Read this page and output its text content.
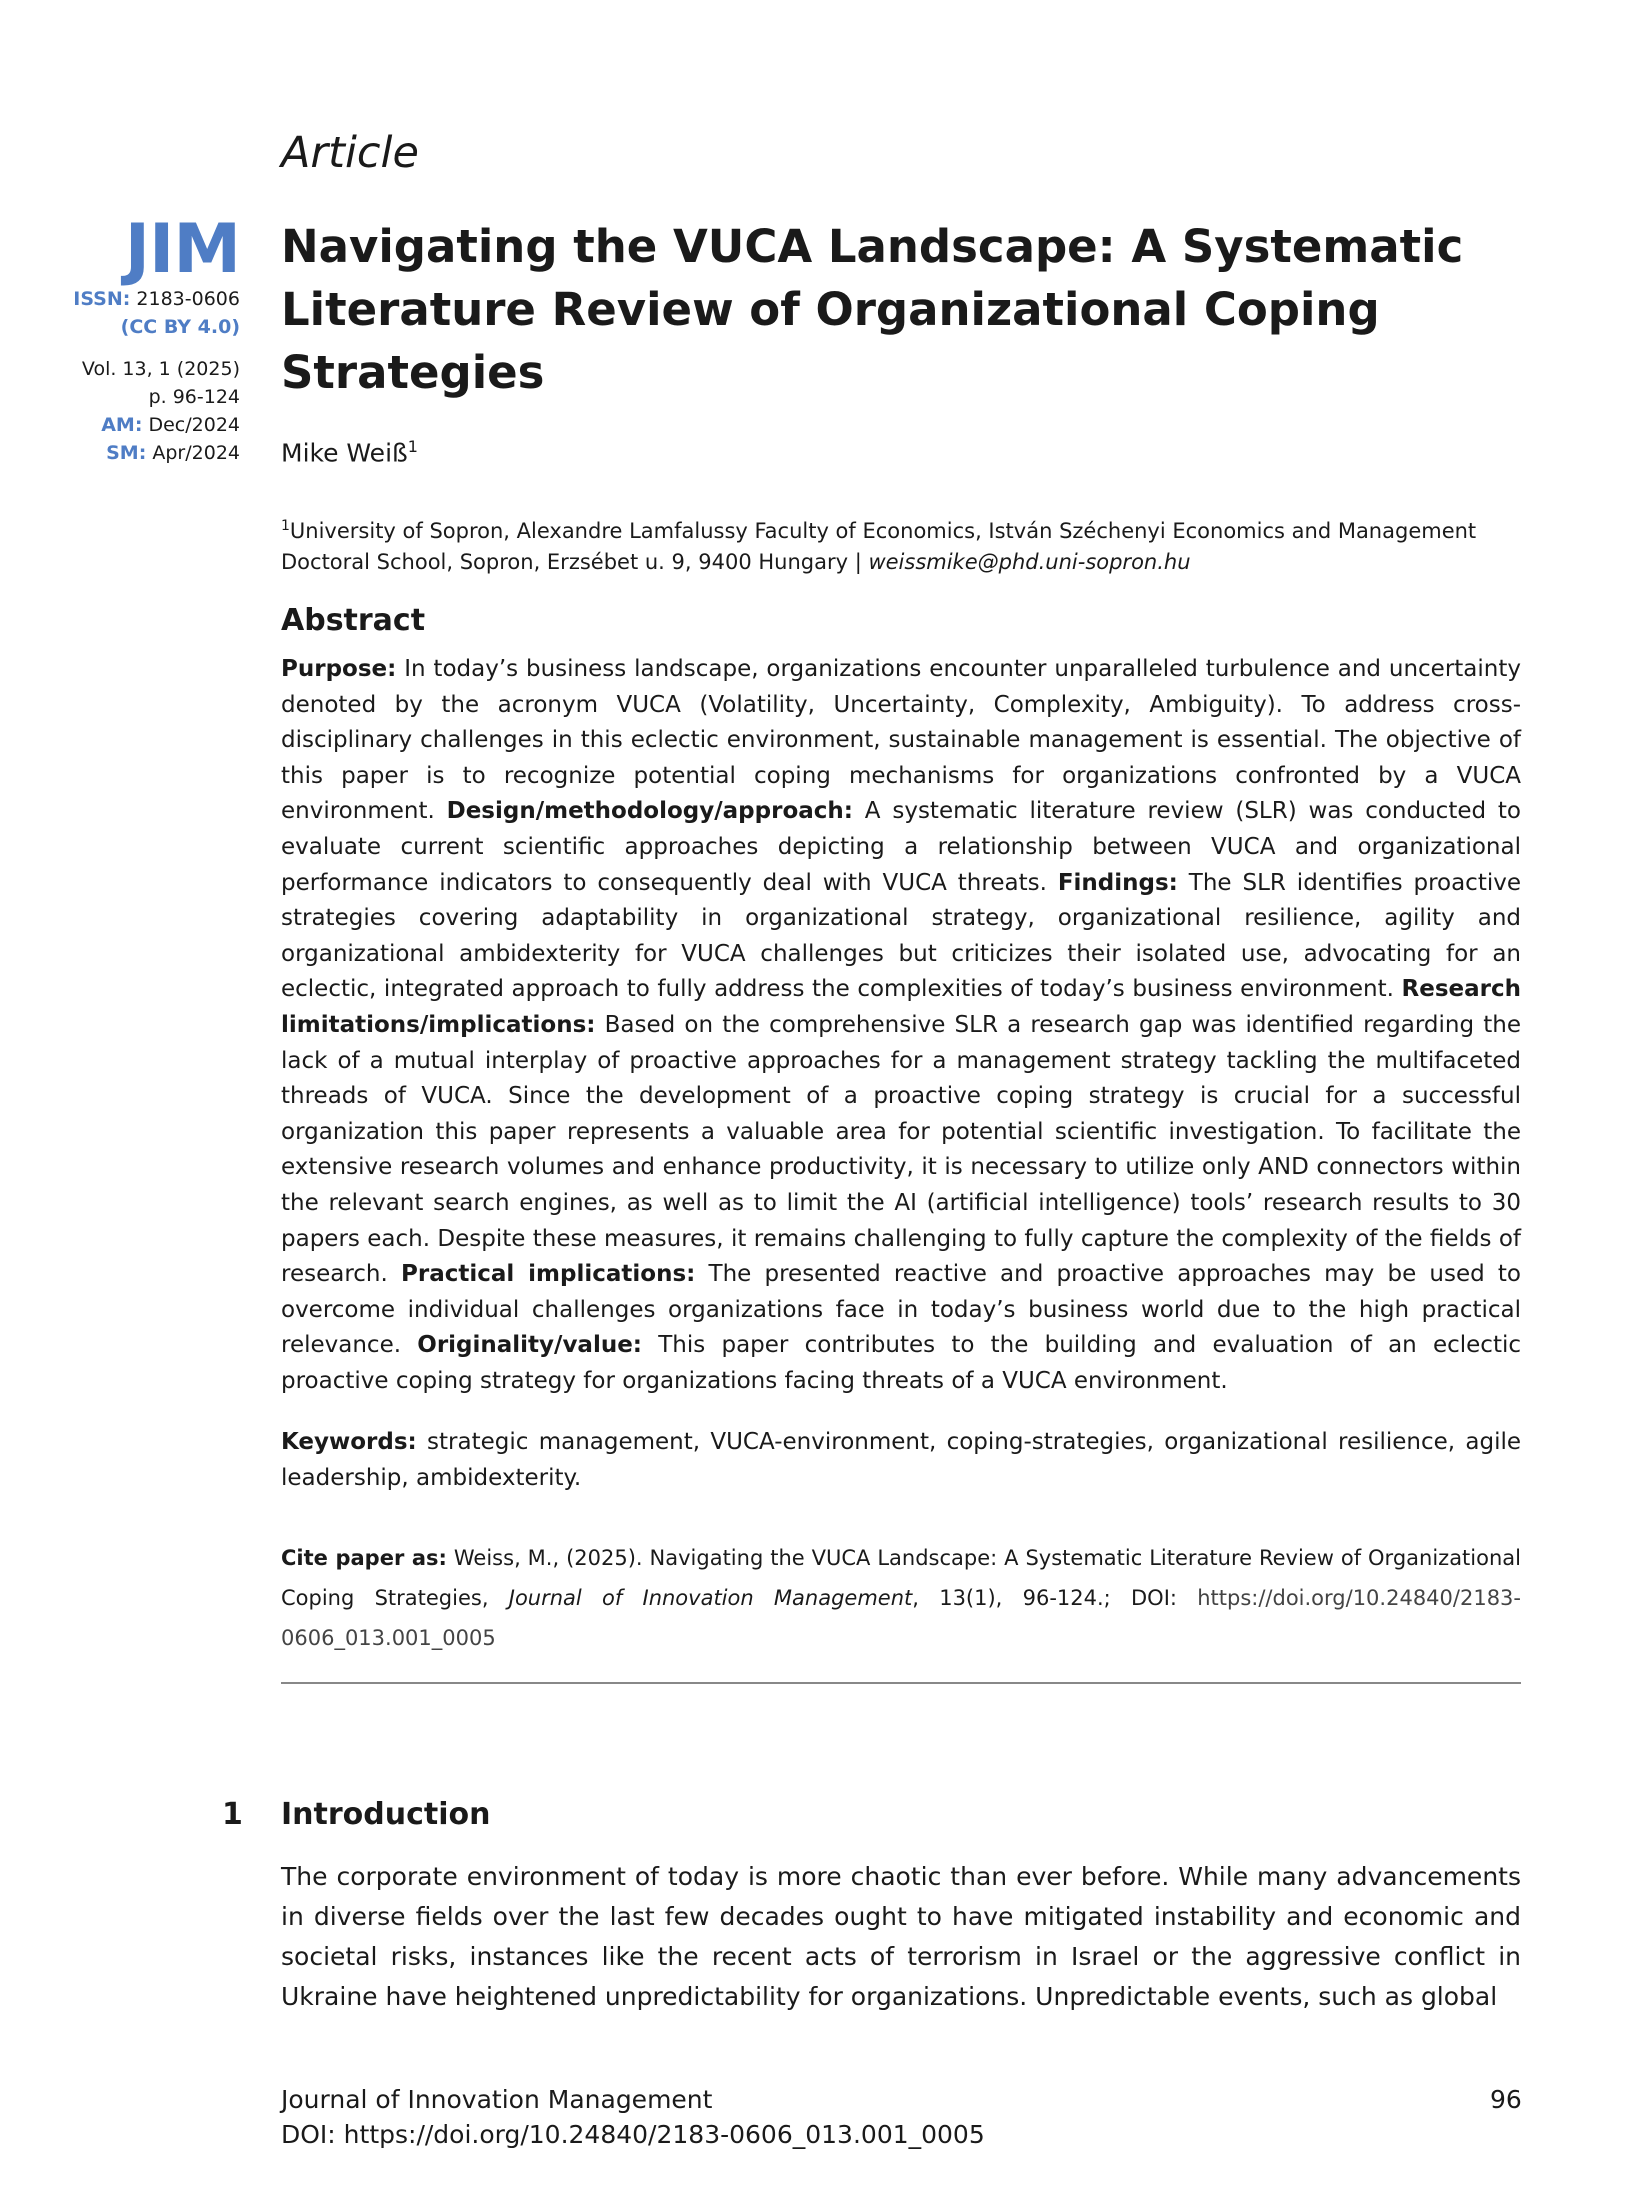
Article
JIM
ISSN: 2183-0606
(CC BY 4.0)
Vol. 13, 1 (2025)
p. 96-124
AM: Dec/2024
SM: Apr/2024
Navigating the VUCA Landscape: A Systematic Literature Review of Organizational Coping Strategies
Mike Weiß$^1$
$^1$University of Sopron, Alexandre Lamfalussy Faculty of Economics, István Széchenyi Economics and Management Doctoral School, Sopron, Erzsébet u. 9, 9400 Hungary | weissmike@phd.uni-sopron.hu
Abstract

Purpose: In today’s business landscape, organizations encounter unparalleled turbulence and uncertainty denoted by the acronym VUCA (Volatility, Uncertainty, Complexity, Ambiguity). To address cross-disciplinary challenges in this eclectic environment, sustainable management is essential. The objective of this paper is to recognize potential coping mechanisms for organizations confronted by a VUCA environment. Design/methodology/approach: A systematic literature review (SLR) was conducted to evaluate current scientific approaches depicting a relationship between VUCA and organizational performance indicators to consequently deal with VUCA threats. Findings: The SLR identifies proactive strategies covering adaptability in organizational strategy, organizational resilience, agility and organizational ambidexterity for VUCA challenges but criticizes their isolated use, advocating for an eclectic, integrated approach to fully address the complexities of today’s business environment. Research limitations/implications: Based on the comprehensive SLR a research gap was identified regarding the lack of a mutual interplay of proactive approaches for a management strategy tackling the multifaceted threads of VUCA. Since the development of a proactive coping strategy is crucial for a successful organization this paper represents a valuable area for potential scientific investigation. To facilitate the extensive research volumes and enhance productivity, it is necessary to utilize only AND connectors within the relevant search engines, as well as to limit the AI (artificial intelligence) tools’ research results to 30 papers each. Despite these measures, it remains challenging to fully capture the complexity of the fields of research. Practical implications: The presented reactive and proactive approaches may be used to overcome individual challenges organizations face in today’s business world due to the high practical relevance. Originality/value: This paper contributes to the building and evaluation of an eclectic proactive coping strategy for organizations facing threats of a VUCA environment.

Keywords: strategic management, VUCA-environment, coping-strategies, organizational resilience, agile leadership, ambidexterity.

Cite paper as: Weiss, M., (2025). Navigating the VUCA Landscape: A Systematic Literature Review of Organizational Coping Strategies, Journal of Innovation Management, 13(1), 96-124.; DOI: https://doi.org/10.24840/2183-0606_013.001_0005

1 Introduction

The corporate environment of today is more chaotic than ever before. While many advancements in diverse fields over the last few decades ought to have mitigated instability and economic and societal risks, instances like the recent acts of terrorism in Israel or the aggressive conflict in Ukraine have heightened unpredictability for organizations. Unpredictable events, such as global

Journal of Innovation Management
DOI: https://doi.org/10.24840/2183-0606_013.001_0005
96
